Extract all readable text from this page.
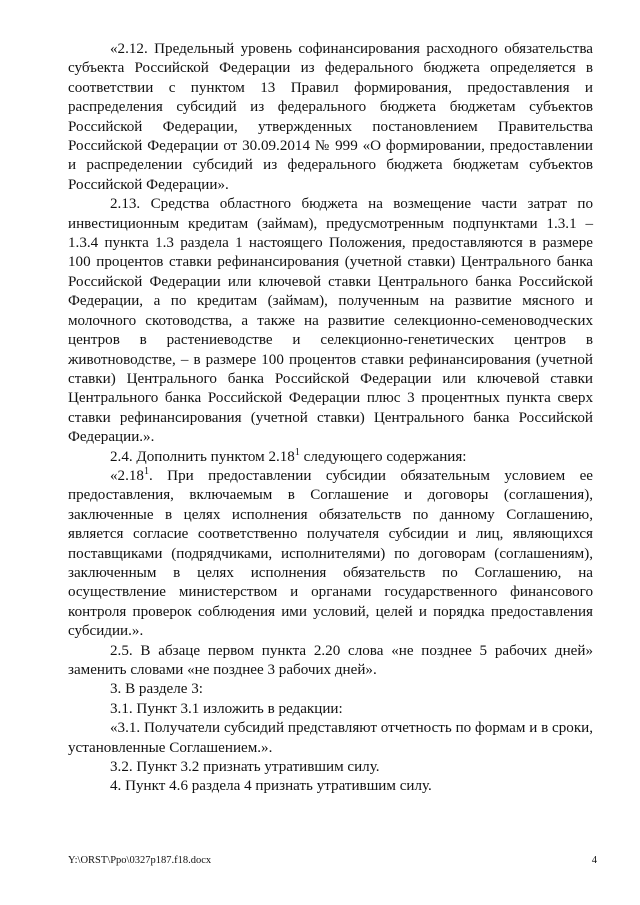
«2.12. Предельный уровень софинансирования расходного обязательства субъекта Российской Федерации из федерального бюджета определяется в соответствии с пунктом 13 Правил формирования, предоставления и распределения субсидий из федерального бюджета бюджетам субъектов Российской Федерации, утвержденных постановлением Правительства Российской Федерации от 30.09.2014 № 999 «О формировании, предоставлении и распределении субсидий из федерального бюджета бюджетам субъектов Российской Федерации».

2.13. Средства областного бюджета на возмещение части затрат по инвестиционным кредитам (займам), предусмотренным подпунктами 1.3.1 – 1.3.4 пункта 1.3 раздела 1 настоящего Положения, предоставляются в размере 100 процентов ставки рефинансирования (учетной ставки) Центрального банка Российской Федерации или ключевой ставки Центрального банка Российской Федерации, а по кредитам (займам), полученным на развитие мясного и молочного скотоводства, а также на развитие селекционно-семеноводческих центров в растениеводстве и селекционно-генетических центров в животноводстве, – в размере 100 процентов ставки рефинансирования (учетной ставки) Центрального банка Российской Федерации или ключевой ставки Центрального банка Российской Федерации плюс 3 процентных пункта сверх ставки рефинансирования (учетной ставки) Центрального банка Российской Федерации.».

2.4. Дополнить пунктом 2.18$^1$ следующего содержания:

«2.18$^1$. При предоставлении субсидии обязательным условием ее предоставления, включаемым в Соглашение и договоры (соглашения), заключенные в целях исполнения обязательств по данному Соглашению, является согласие соответственно получателя субсидии и лиц, являющихся поставщиками (подрядчиками, исполнителями) по договорам (соглашениям), заключенным в целях исполнения обязательств по Соглашению, на осуществление министерством и органами государственного финансового контроля проверок соблюдения ими условий, целей и порядка предоставления субсидии.».

2.5. В абзаце первом пункта 2.20 слова «не позднее 5 рабочих дней» заменить словами «не позднее 3 рабочих дней».

3. В разделе 3:

3.1. Пункт 3.1 изложить в редакции:

«3.1. Получатели субсидий представляют отчетность по формам и в сроки, установленные Соглашением.».

3.2. Пункт 3.2 признать утратившим силу.

4. Пункт 4.6 раздела 4 признать утратившим силу.

Y:\ORST\Ppo\0327p187.f18.docx	4
